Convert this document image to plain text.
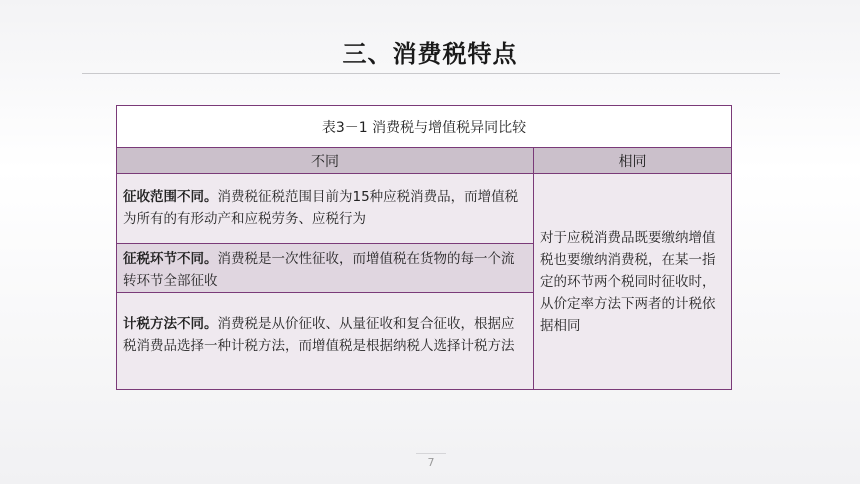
三、消费税特点
表3－1 消费税与增值税异同比较	
不同	相同

征收范围不同。消费税征税范围目前为15种应税消费品，而增值税为所有的有形动产和应税劳务、应税行为	对于应税消费品既要缴纳增值税也要缴纳消费税，在某一指定的环节两个税同时征收时，从价定率方法下两者的计税依据相同

征税环节不同。消费税是一次性征收，而增值税在货物的每一个流转环节全部征收	

计税方法不同。消费税是从价征收、从量征收和复合征收，根据应税消费品选择一种计税方法，而增值税是根据纳税人选择计税方法	
7
